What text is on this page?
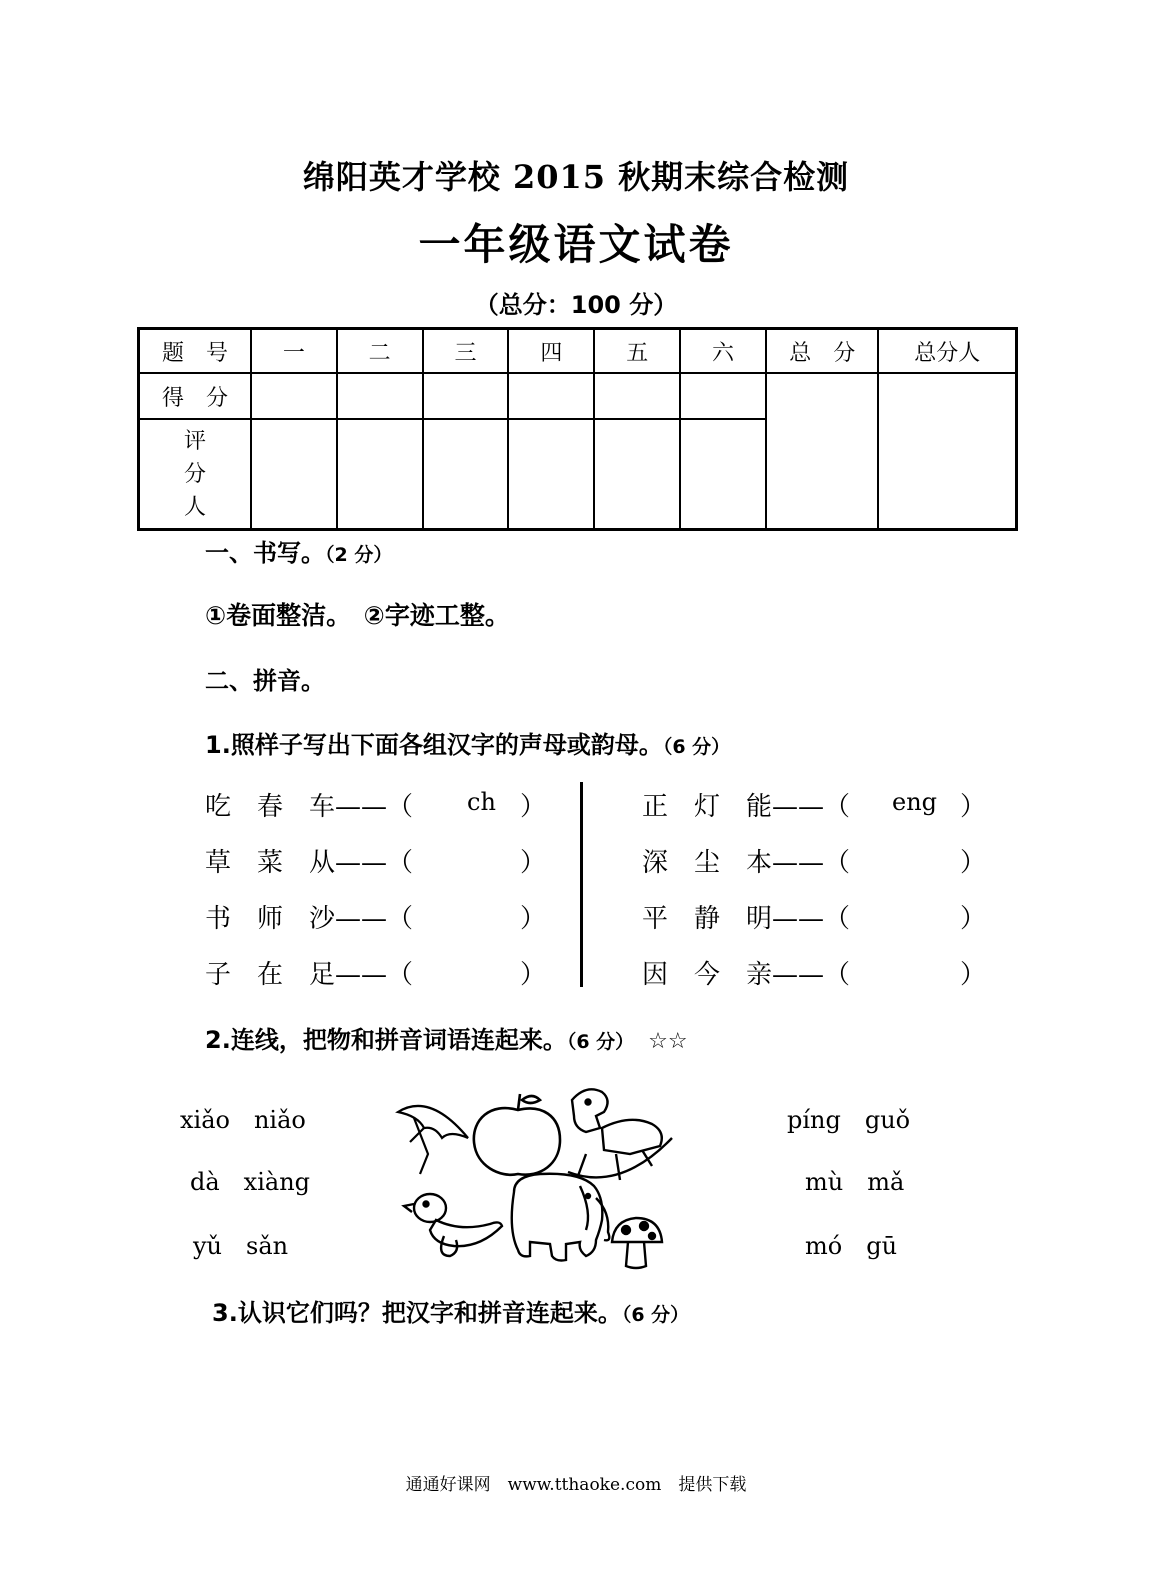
绵阳英才学校 2015 秋期末综合检测
一年级语文试卷
（总分：100 分）
题　号	一	二	三	四	五	六	总　分	总分人
得　分								

评
分
人								

一、书写。（2 分）
①卷面整洁。　②字迹工整。
二、拼音。
1.照样子写出下面各组汉字的声母或韵母。（6 分）
吃　春　车——（ ch ）
草　菜　从——（	）
书　师　沙——（	）
子　在　足——（	）
正　灯　能——（ eng ）
深　尘　本——（	）
平　静　明——（	）
因　今　亲——（	）
2.连线，把物和拼音词语连起来。（6 分） ☆☆
xiǎo　niǎo
dà　xiàng
yǔ　sǎn
píng　guǒ
mù　mǎ
mó　gū
3.认识它们吗？把汉字和拼音连起来。（6 分）
通通好课网　www.tthaoke.com　提供下载
